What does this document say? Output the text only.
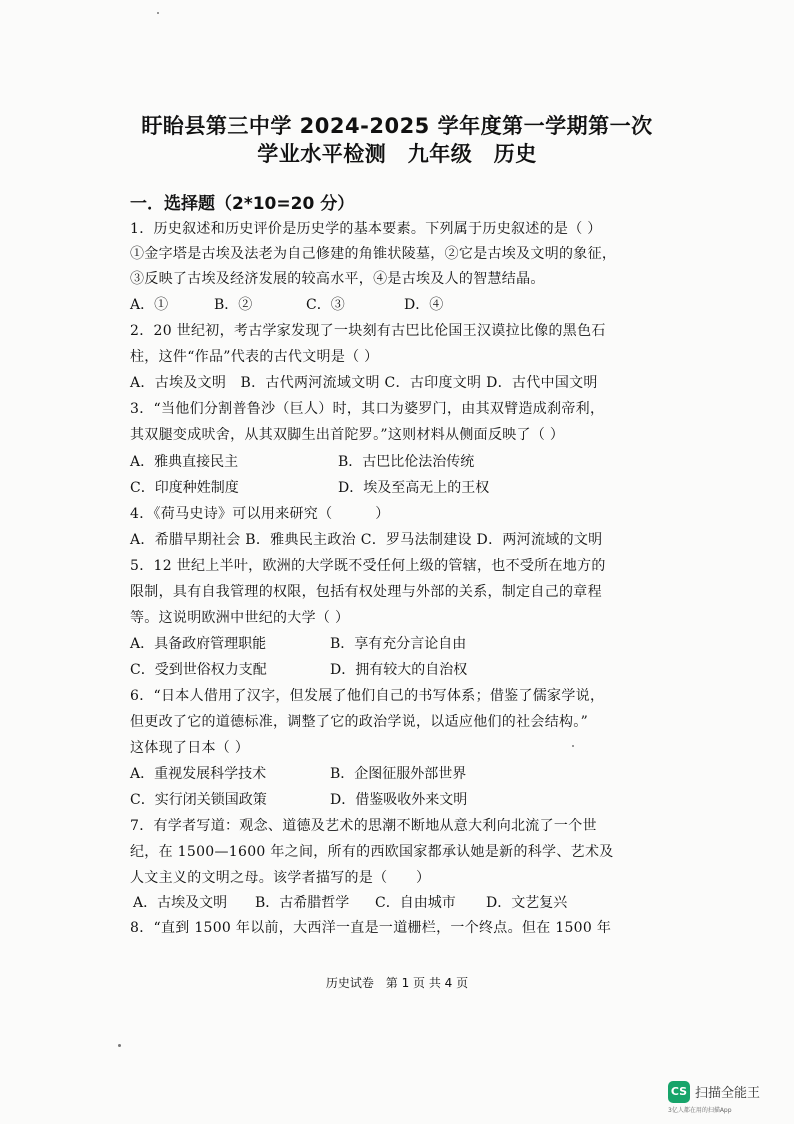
盱眙县第三中学 2024-2025 学年度第一学期第一次
学业水平检测　九年级　历史
一．选择题（2*10=20 分）
1．历史叙述和历史评价是历史学的基本要素。下列属于历史叙述的是（ ）
①金字塔是古埃及法老为自己修建的角锥状陵墓，②它是古埃及文明的象征，
③反映了古埃及经济发展的较高水平，④是古埃及人的智慧结晶。
A．①	B．②	C．③	D．④
2．20 世纪初，考古学家发现了一块刻有古巴比伦国王汉谟拉比像的黑色石
柱，这件“作品”代表的古代文明是（ ）
A．古埃及文明　B．古代两河流域文明 C．古印度文明 D．古代中国文明
3．“当他们分割普鲁沙（巨人）时，其口为婆罗门，由其双臂造成刹帝利，
其双腿变成吠舍，从其双脚生出首陀罗。”这则材料从侧面反映了（ ）
A．雅典直接民主	B．古巴比伦法治传统
C．印度种姓制度	D．埃及至高无上的王权
4．《荷马史诗》可以用来研究（　　　）
A．希腊早期社会 B．雅典民主政治 C．罗马法制建设 D．两河流域的文明
5．12 世纪上半叶，欧洲的大学既不受任何上级的管辖，也不受所在地方的
限制，具有自我管理的权限，包括有权处理与外部的关系，制定自己的章程
等。这说明欧洲中世纪的大学（ ）
A．具备政府管理职能	B．享有充分言论自由
C．受到世俗权力支配	D．拥有较大的自治权
6．“日本人借用了汉字，但发展了他们自己的书写体系；借鉴了儒家学说，
但更改了它的道德标准，调整了它的政治学说，以适应他们的社会结构。”
这体现了日本（ ）
A．重视发展科学技术	B．企图征服外部世界
C．实行闭关锁国政策	D．借鉴吸收外来文明
7．有学者写道：观念、道德及艺术的思潮不断地从意大利向北流了一个世
纪，在 1500—1600 年之间，所有的西欧国家都承认她是新的科学、艺术及
人文主义的文明之母。该学者描写的是（　　）
A．古埃及文明 B．古希腊哲学 C．自由城市 D．文艺复兴
8．“直到 1500 年以前，大西洋一直是一道栅栏，一个终点。但在 1500 年
历史试卷 第 1 页 共 4 页
CS 扫描全能王
3亿人都在用的扫描App
